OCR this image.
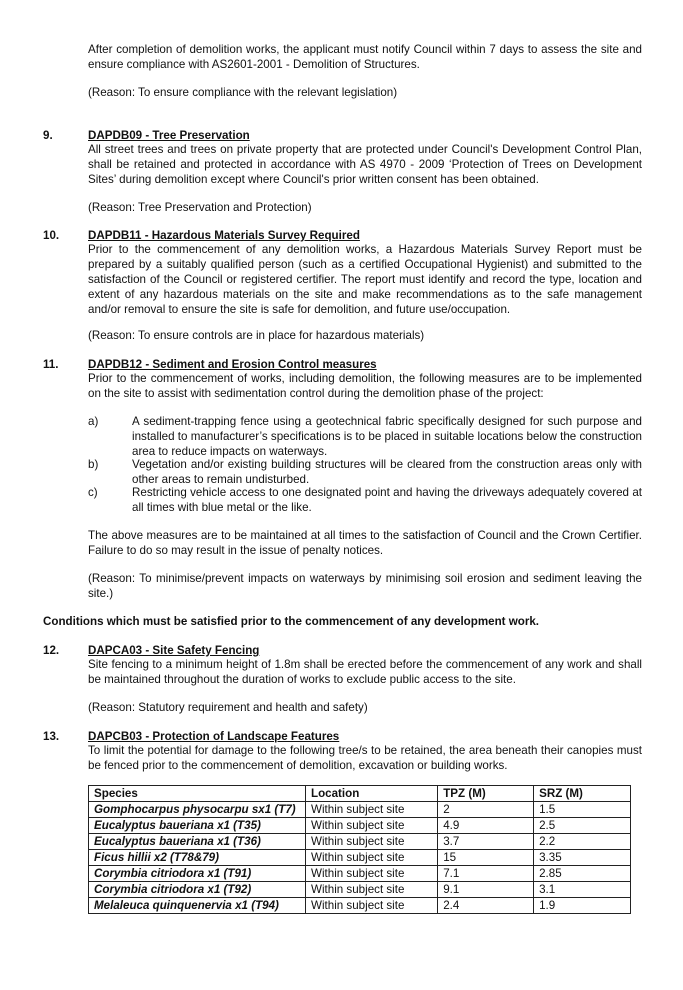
After completion of demolition works, the applicant must notify Council within 7 days to assess the site and ensure compliance with AS2601-2001 - Demolition of Structures.
(Reason: To ensure compliance with the relevant legislation)
9.	DAPDB09 - Tree Preservation
All street trees and trees on private property that are protected under Council's Development Control Plan, shall be retained and protected in accordance with AS 4970 - 2009 ‘Protection of Trees on Development Sites’ during demolition except where Council's prior written consent has been obtained.
(Reason: Tree Preservation and Protection)
10. DAPDB11 - Hazardous Materials Survey Required
Prior to the commencement of any demolition works, a Hazardous Materials Survey Report must be prepared by a suitably qualified person (such as a certified Occupational Hygienist) and submitted to the satisfaction of the Council or registered certifier. The report must identify and record the type, location and extent of any hazardous materials on the site and make recommendations as to the safe management and/or removal to ensure the site is safe for demolition, and future use/occupation.
(Reason: To ensure controls are in place for hazardous materials)
11.	DAPDB12 - Sediment and Erosion Control measures
Prior to the commencement of works, including demolition, the following measures are to be implemented on the site to assist with sedimentation control during the demolition phase of the project:
a)	A sediment-trapping fence using a geotechnical fabric specifically designed for such purpose and installed to manufacturer’s specifications is to be placed in suitable locations below the construction area to reduce impacts on waterways.
b)	Vegetation and/or existing building structures will be cleared from the construction areas only with other areas to remain undisturbed.
c)	Restricting vehicle access to one designated point and having the driveways adequately covered at all times with blue metal or the like.
The above measures are to be maintained at all times to the satisfaction of Council and the Crown Certifier. Failure to do so may result in the issue of penalty notices.
(Reason: To minimise/prevent impacts on waterways by minimising soil erosion and sediment leaving the site.)
Conditions which must be satisfied prior to the commencement of any development work.
12. DAPCA03 - Site Safety Fencing
Site fencing to a minimum height of 1.8m shall be erected before the commencement of any work and shall be maintained throughout the duration of works to exclude public access to the site.
(Reason: Statutory requirement and health and safety)
13. DAPCB03 - Protection of Landscape Features
To limit the potential for damage to the following tree/s to be retained, the area beneath their canopies must be fenced prior to the commencement of demolition, excavation or building works.
Species	Location	TPZ (M)	SRZ (M)
Gomphocarpus physocarpu sx1 (T7)	Within subject site	2	1.5
Eucalyptus baueriana x1 (T35)	Within subject site	4.9	2.5
Eucalyptus baueriana x1 (T36)	Within subject site	3.7	2.2
Ficus hillii x2 (T78&79)	Within subject site	15	3.35
Corymbia citriodora x1 (T91)	Within subject site	7.1	2.85
Corymbia citriodora x1 (T92)	Within subject site	9.1	3.1
Melaleuca quinquenervia x1 (T94)	Within subject site	2.4	1.9
